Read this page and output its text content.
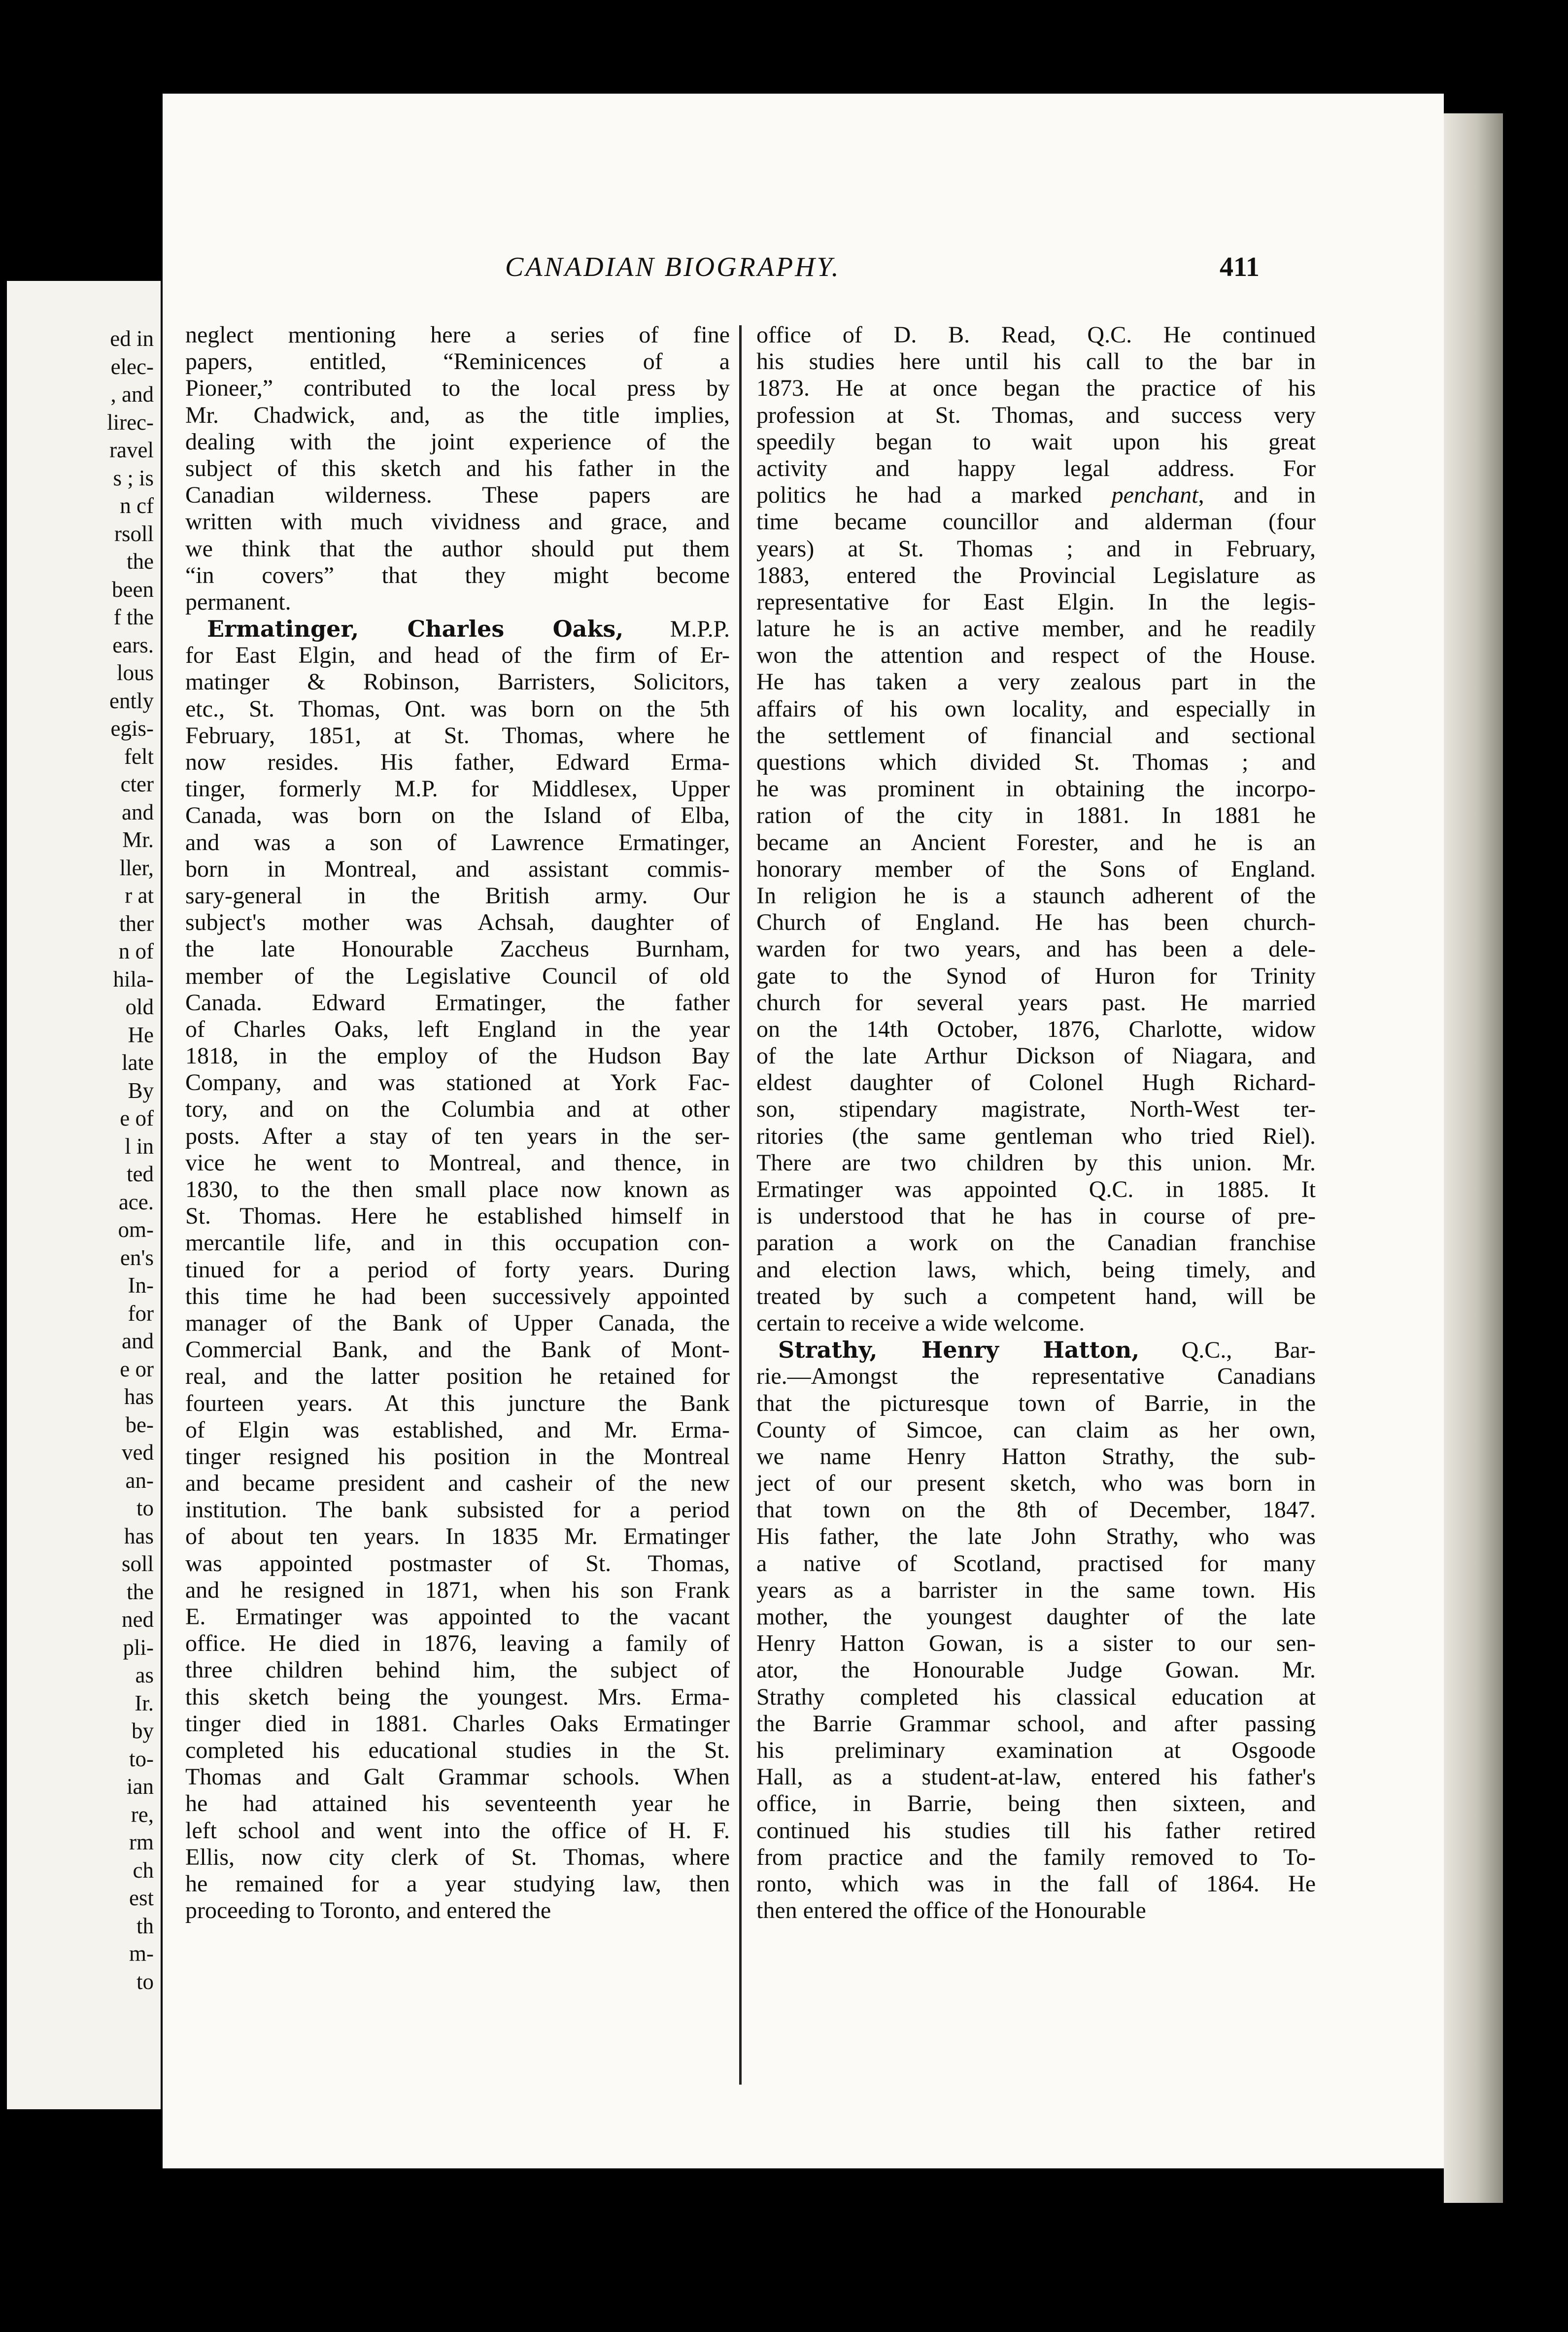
ed in
elec-
, and
lirec-
ravel
s ; is
n cf
rsoll
the
been
f the
ears.
lous
ently
egis-
felt
cter
and
Mr.
ller,
r at
ther
n of
hila-
old
He
late
By
e of
l in
ted
ace.
om-
en's
In-
for
and
e or
has
be-
ved
an-
to
has
soll
the
ned
pli-
as
Ir.
by
to-
ian
re,
rm
ch
est
th
m-
to
CANADIAN BIOGRAPHY.	411
neglect mentioning here a series of fine
papers, entitled, “Reminicences of a
Pioneer,” contributed to the local press by
Mr. Chadwick, and, as the title implies,
dealing with the joint experience of the
subject of this sketch and his father in the
Canadian wilderness. These papers are
written with much vividness and grace, and
we think that the author should put them
“in covers” that they might become
permanent.
Ermatinger, Charles Oaks, M.P.P.
for East Elgin, and head of the firm of Er-
matinger & Robinson, Barristers, Solicitors,
etc., St. Thomas, Ont. was born on the 5th
February, 1851, at St. Thomas, where he
now resides. His father, Edward Erma-
tinger, formerly M.P. for Middlesex, Upper
Canada, was born on the Island of Elba,
and was a son of Lawrence Ermatinger,
born in Montreal, and assistant commis-
sary-general in the British army. Our
subject's mother was Achsah, daughter of
the late Honourable Zaccheus Burnham,
member of the Legislative Council of old
Canada. Edward Ermatinger, the father
of Charles Oaks, left England in the year
1818, in the employ of the Hudson Bay
Company, and was stationed at York Fac-
tory, and on the Columbia and at other
posts. After a stay of ten years in the ser-
vice he went to Montreal, and thence, in
1830, to the then small place now known as
St. Thomas. Here he established himself in
mercantile life, and in this occupation con-
tinued for a period of forty years. During
this time he had been successively appointed
manager of the Bank of Upper Canada, the
Commercial Bank, and the Bank of Mont-
real, and the latter position he retained for
fourteen years. At this juncture the Bank
of Elgin was established, and Mr. Erma-
tinger resigned his position in the Montreal
and became president and casheir of the new
institution. The bank subsisted for a period
of about ten years. In 1835 Mr. Ermatinger
was appointed postmaster of St. Thomas,
and he resigned in 1871, when his son Frank
E. Ermatinger was appointed to the vacant
office. He died in 1876, leaving a family of
three children behind him, the subject of
this sketch being the youngest. Mrs. Erma-
tinger died in 1881. Charles Oaks Ermatinger
completed his educational studies in the St.
Thomas and Galt Grammar schools. When
he had attained his seventeenth year he
left school and went into the office of H. F.
Ellis, now city clerk of St. Thomas, where
he remained for a year studying law, then
proceeding to Toronto, and entered the
office of D. B. Read, Q.C. He continued
his studies here until his call to the bar in
1873. He at once began the practice of his
profession at St. Thomas, and success very
speedily began to wait upon his great
activity and happy legal address. For
politics he had a marked penchant, and in
time became councillor and alderman (four
years) at St. Thomas ; and in February,
1883, entered the Provincial Legislature as
representative for East Elgin. In the legis-
lature he is an active member, and he readily
won the attention and respect of the House.
He has taken a very zealous part in the
affairs of his own locality, and especially in
the settlement of financial and sectional
questions which divided St. Thomas ; and
he was prominent in obtaining the incorpo-
ration of the city in 1881. In 1881 he
became an Ancient Forester, and he is an
honorary member of the Sons of England.
In religion he is a staunch adherent of the
Church of England. He has been church-
warden for two years, and has been a dele-
gate to the Synod of Huron for Trinity
church for several years past. He married
on the 14th October, 1876, Charlotte, widow
of the late Arthur Dickson of Niagara, and
eldest daughter of Colonel Hugh Richard-
son, stipendary magistrate, North-West ter-
ritories (the same gentleman who tried Riel).
There are two children by this union. Mr.
Ermatinger was appointed Q.C. in 1885. It
is understood that he has in course of pre-
paration a work on the Canadian franchise
and election laws, which, being timely, and
treated by such a competent hand, will be
certain to receive a wide welcome.
Strathy, Henry Hatton, Q.C., Bar-
rie.—Amongst the representative Canadians
that the picturesque town of Barrie, in the
County of Simcoe, can claim as her own,
we name Henry Hatton Strathy, the sub-
ject of our present sketch, who was born in
that town on the 8th of December, 1847.
His father, the late John Strathy, who was
a native of Scotland, practised for many
years as a barrister in the same town. His
mother, the youngest daughter of the late
Henry Hatton Gowan, is a sister to our sen-
ator, the Honourable Judge Gowan. Mr.
Strathy completed his classical education at
the Barrie Grammar school, and after passing
his preliminary examination at Osgoode
Hall, as a student-at-law, entered his father's
office, in Barrie, being then sixteen, and
continued his studies till his father retired
from practice and the family removed to To-
ronto, which was in the fall of 1864. He
then entered the office of the Honourable
